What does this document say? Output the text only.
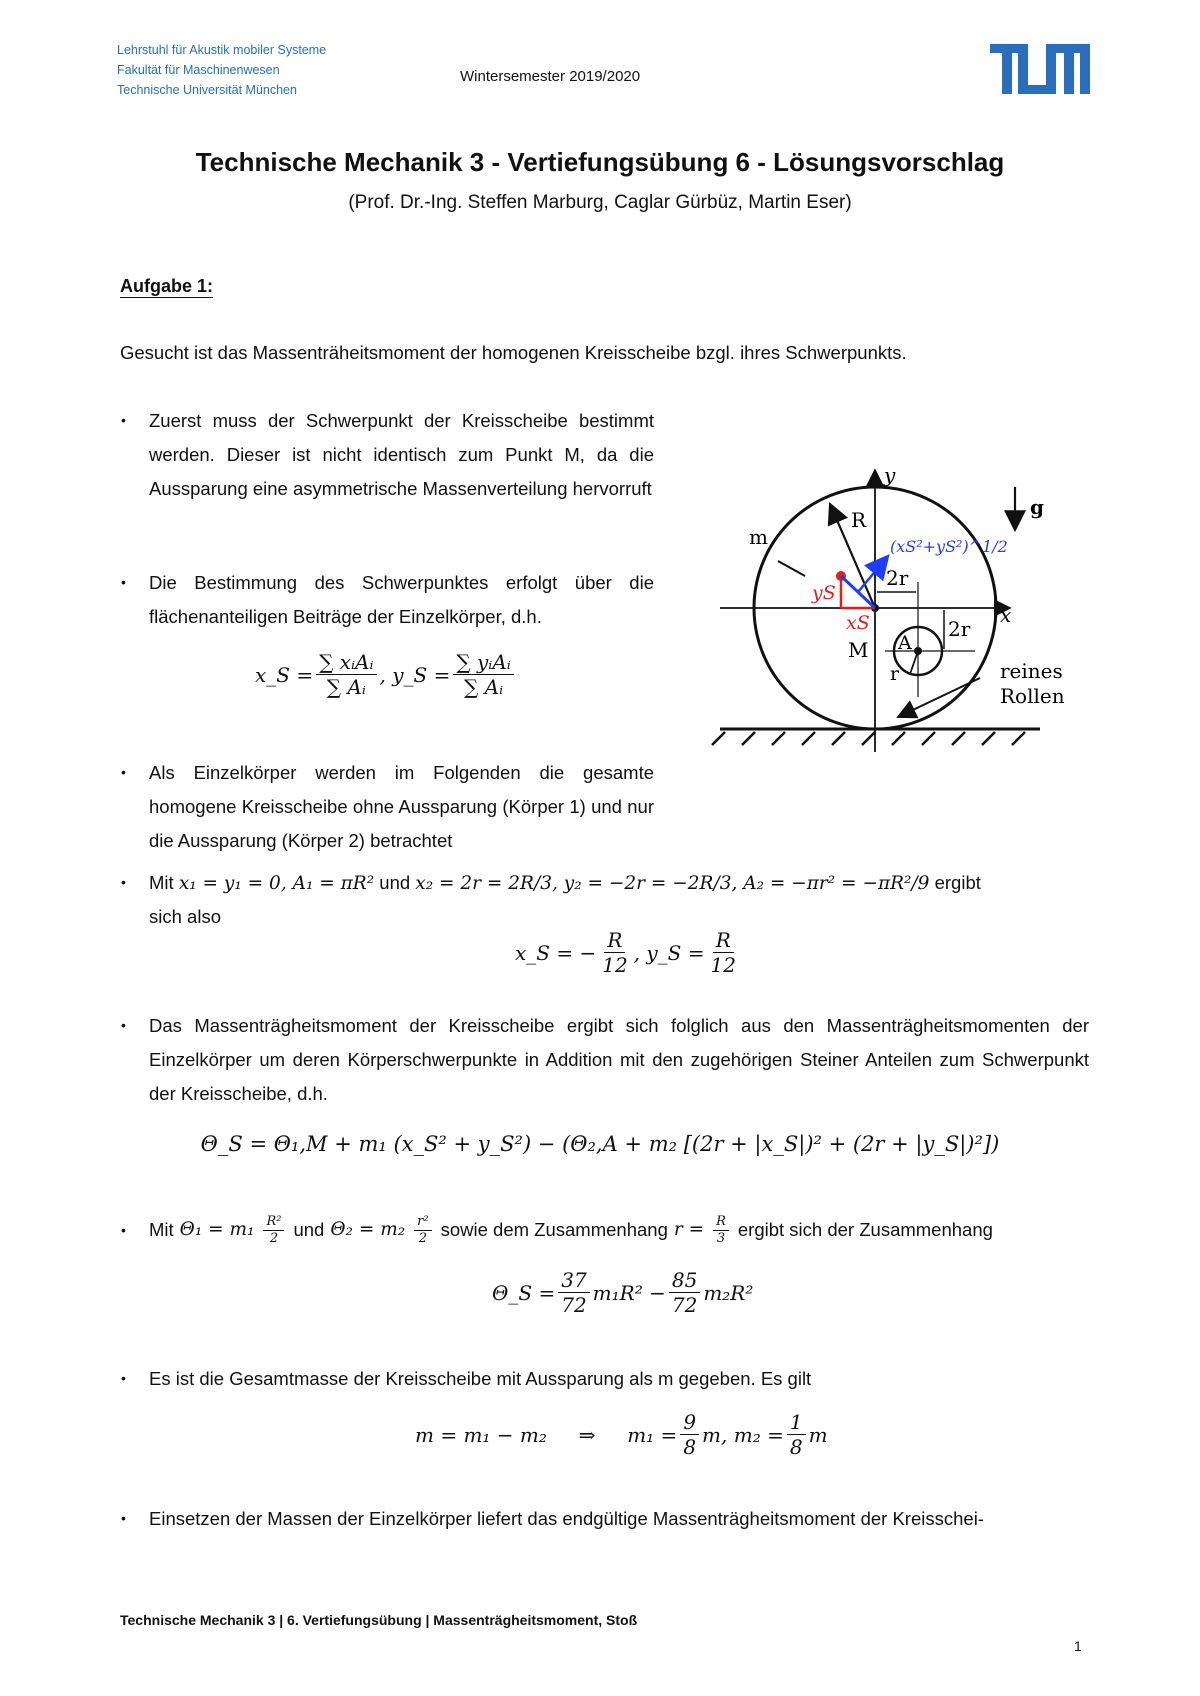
Lehrstuhl für Akustik mobiler Systeme
Fakultät für Maschinenwesen
Technische Universität München
Wintersemester 2019/2020
Technische Mechanik 3 - Vertiefungsübung 6 - Lösungsvorschlag
(Prof. Dr.-Ing. Steffen Marburg, Caglar Gürbüz, Martin Eser)
Aufgabe 1:
Gesucht ist das Massenträheitsmoment der homogenen Kreisscheibe bzgl. ihres Schwerpunkts.
• Zuerst muss der Schwerpunkt der Kreisscheibe bestimmt werden. Dieser ist nicht identisch zum Punkt M, da die Aussparung eine asymmetrische Massenverteilung hervorruft
• Die Bestimmung des Schwerpunktes erfolgt über die flächenanteiligen Beiträge der Einzelkörper, d.h.
x_S = $\frac{\text{∑ xᵢAᵢ}}{\text{∑ Aᵢ}}$ , y_S = $\frac{\text{∑ yᵢAᵢ}}{\text{∑ Aᵢ}}$
• Als Einzelkörper werden im Folgenden die gesamte homogene Kreisscheibe ohne Aussparung (Körper 1) und nur die Aussparung (Körper 2) betrachtet
y
x
g
m
R
(xS²+yS²)^1/2
2r
2r
yS
xS
M A
r	reines
Rollen
• Mit x₁ = y₁ = 0, A₁ = πR² und x₂ = 2r = 2R/3, y₂ = −2r = −2R/3, A₂ = −πr² = −πR²/9 ergibt
sich also
x_S = − $\frac{R}{12}$ , y_S = $\frac{R}{12}$
• Das Massenträgheitsmoment der Kreisscheibe ergibt sich folglich aus den Massenträgheitsmomenten der Einzelkörper um deren Körperschwerpunkte in Addition mit den zugehörigen Steiner Anteilen zum Schwerpunkt der Kreisscheibe, d.h.
Θ_S = Θ₁,M + m₁ (x_S² + y_S²) − (Θ₂,A + m₂ [(2r + |x_S|)² + (2r + |y_S|)²])
• Mit $\Theta_1 = m_1 \frac{\text{R²}}{2}$ und $\Theta_2 = m_2 \frac{\text{r²}}{2}$ sowie dem Zusammenhang $r = \frac{R}{3}$ ergibt sich der Zusammenhang
Θ_S = $\frac{37}{72} m_1R^2 - \frac{85}{72} m_2R^2$
• Es ist die Gesamtmasse der Kreisscheibe mit Aussparung als m gegeben. Es gilt
m = m₁ − m₂     ⇒     $m_1 = \frac{9}{8} m$, $m_2 = \frac{1}{8}$ m
• Einsetzen der Massen der Einzelkörper liefert das endgültige Massenträgheitsmoment der Kreisschei-
Technische Mechanik 3 | 6. Vertiefungsübung | Massenträgheitsmoment, Stoß
1
